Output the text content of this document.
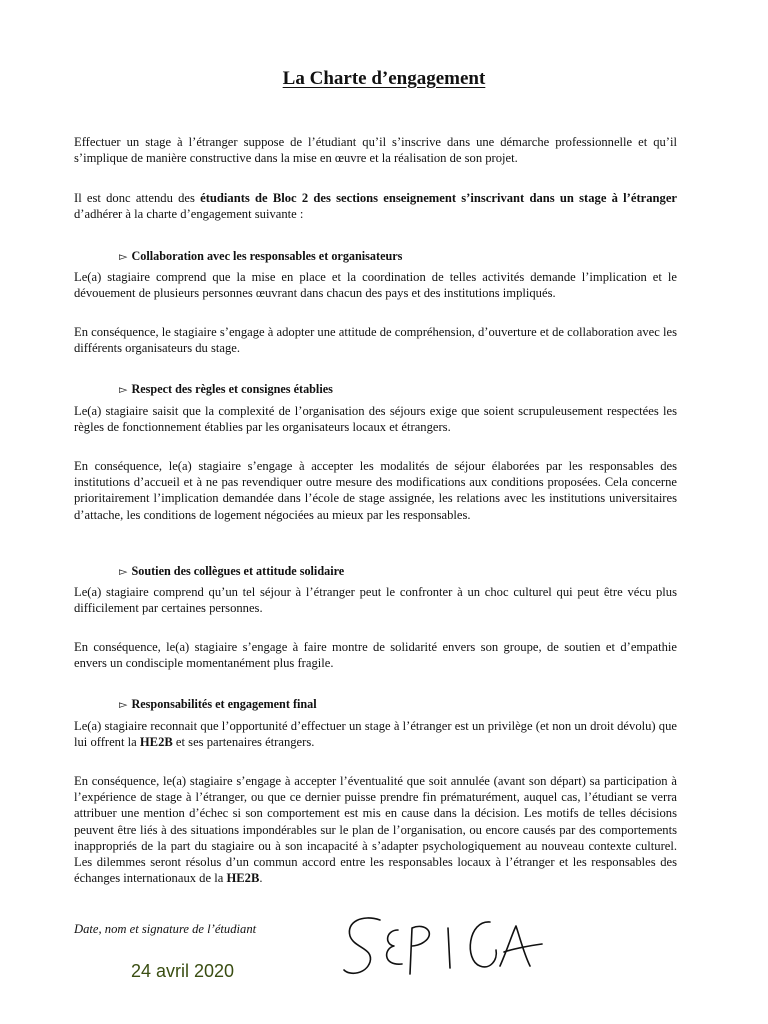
La Charte d’engagement

Effectuer un stage à l’étranger suppose de l’étudiant qu’il s’inscrive dans une démarche professionnelle et qu’il s’implique de manière constructive dans la mise en œuvre et la réalisation de son projet.

Il est donc attendu des étudiants de Bloc 2 des sections enseignement s’inscrivant dans un stage à l’étranger d’adhérer à la charte d’engagement suivante :

▻ Collaboration avec les responsables et organisateurs

Le(a) stagiaire comprend que la mise en place et la coordination de telles activités demande l’implication et le dévouement de plusieurs personnes œuvrant dans chacun des pays et des institutions impliqués.

En conséquence, le stagiaire s’engage à adopter une attitude de compréhension, d’ouverture et de collaboration avec les différents organisateurs du stage.

▻ Respect des règles et consignes établies

Le(a) stagiaire saisit que la complexité de l’organisation des séjours exige que soient scrupuleusement respectées les règles de fonctionnement établies par les organisateurs locaux et étrangers.

En conséquence, le(a) stagiaire s’engage à accepter les modalités de séjour élaborées par les responsables des institutions d’accueil et à ne pas revendiquer outre mesure des modifications aux conditions proposées. Cela concerne prioritairement l’implication demandée dans l’école de stage assignée, les relations avec les institutions universitaires d’attache, les conditions de logement négociées au mieux par les responsables.

▻ Soutien des collègues et attitude solidaire

Le(a) stagiaire comprend qu’un tel séjour à l’étranger peut le confronter à un choc culturel qui peut être vécu plus difficilement par certaines personnes.

En conséquence, le(a) stagiaire s’engage à faire montre de solidarité envers son groupe, de soutien et d’empathie envers un condisciple momentanément plus fragile.

▻ Responsabilités et engagement final

Le(a) stagiaire reconnait que l’opportunité d’effectuer un stage à l’étranger est un privilège (et non un droit dévolu) que lui offrent la HE2B et ses partenaires étrangers.

En conséquence, le(a) stagiaire s’engage à accepter l’éventualité que soit annulée (avant son départ) sa participation à l’expérience de stage à l’étranger, ou que ce dernier puisse prendre fin prématurément, auquel cas, l’étudiant se verra attribuer une mention d’échec si son comportement est mis en cause dans la décision. Les motifs de telles décisions peuvent être liés à des situations impondérables sur le plan de l’organisation, ou encore causés par des comportements inappropriés de la part du stagiaire ou à son incapacité à s’adapter psychologiquement au nouveau contexte culturel. Les dilemmes seront résolus d’un commun accord entre les responsables locaux à l’étranger et les responsables des échanges internationaux de la HE2B.

Date, nom et signature de l’étudiant
24 avril 2020
